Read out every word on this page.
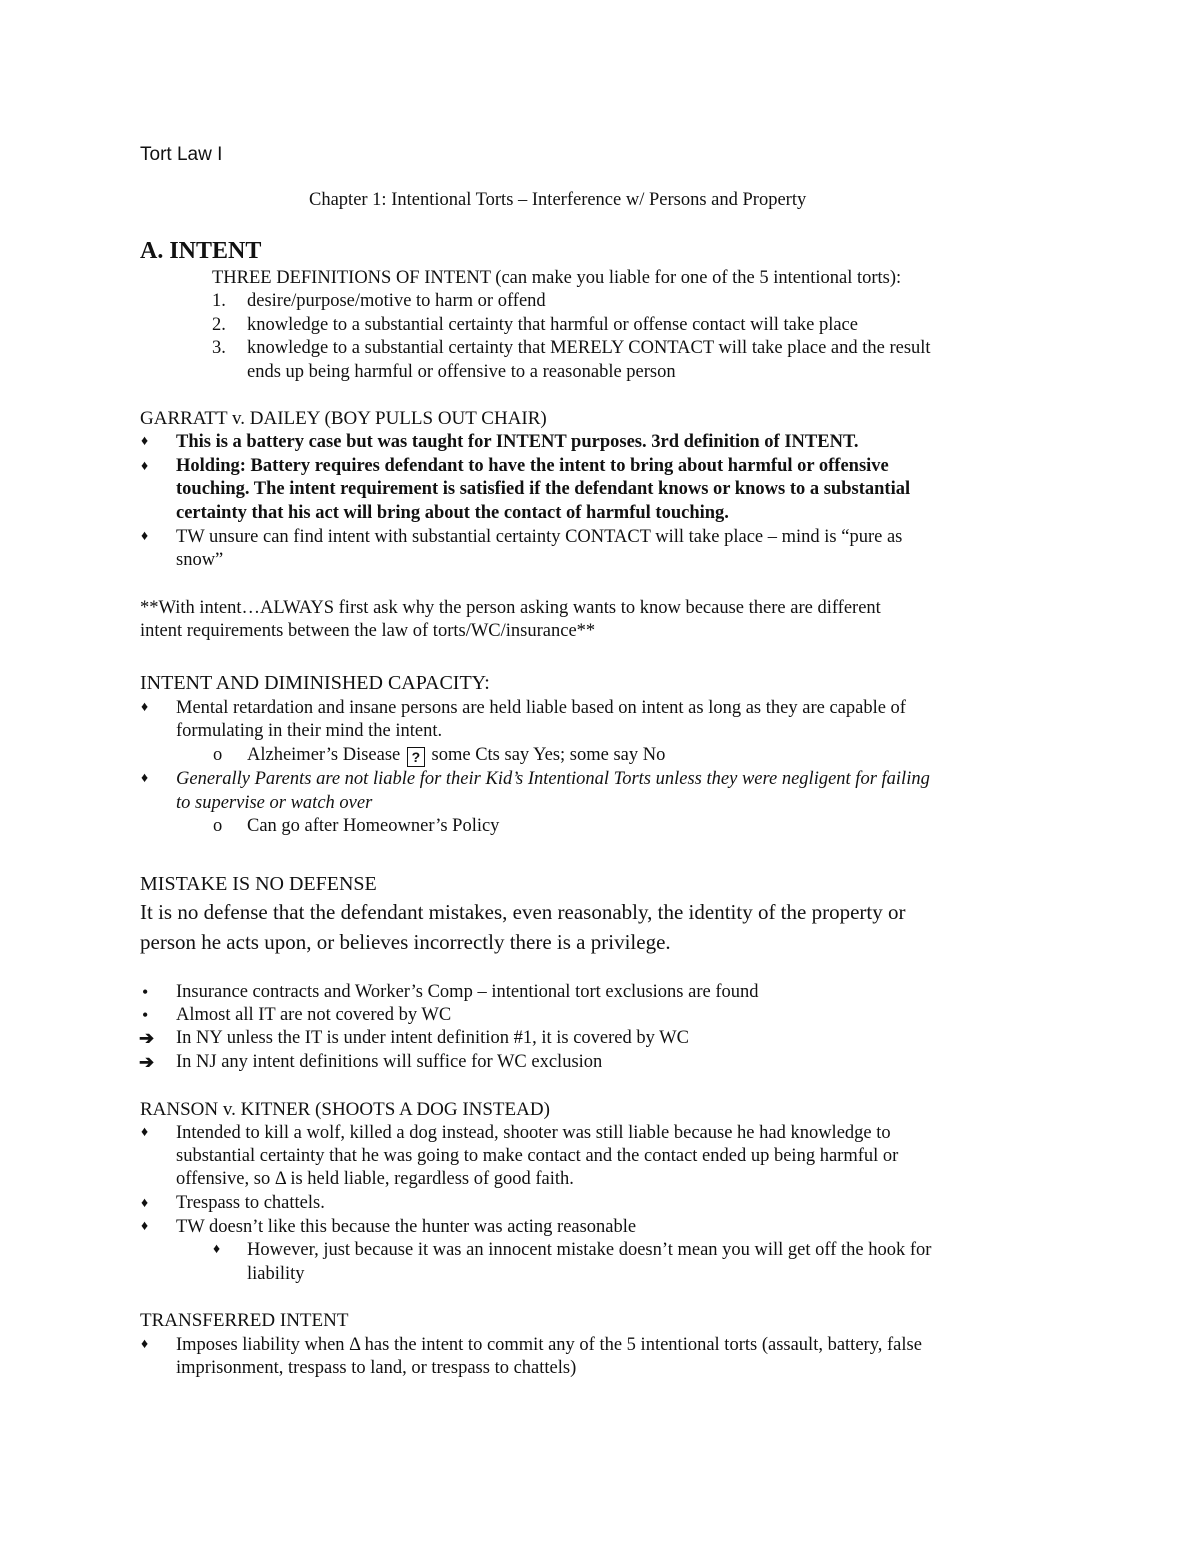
Tort Law I
Chapter 1: Intentional Torts – Interference w/ Persons and Property
A. INTENT
THREE DEFINITIONS OF INTENT (can make you liable for one of the 5 intentional torts):
1. desire/purpose/motive to harm or offend
2. knowledge to a substantial certainty that harmful or offense contact will take place
3. knowledge to a substantial certainty that MERELY CONTACT will take place and the result
ends up being harmful or offensive to a reasonable person
GARRATT v. DAILEY (BOY PULLS OUT CHAIR)
♦ This is a battery case but was taught for INTENT purposes. 3rd definition of INTENT.
♦ Holding: Battery requires defendant to have the intent to bring about harmful or offensive
touching. The intent requirement is satisfied if the defendant knows or knows to a substantial
certainty that his act will bring about the contact of harmful touching.
♦ TW unsure can find intent with substantial certainty CONTACT will take place – mind is “pure as
snow”
**With intent…ALWAYS first ask why the person asking wants to know because there are different
intent requirements between the law of torts/WC/insurance**
INTENT AND DIMINISHED CAPACITY:
♦ Mental retardation and insane persons are held liable based on intent as long as they are capable of
formulating in their mind the intent.
o Alzheimer’s Disease ? some Cts say Yes; some say No
♦ Generally Parents are not liable for their Kid’s Intentional Torts unless they were negligent for failing
to supervise or watch over
o Can go after Homeowner’s Policy
MISTAKE IS NO DEFENSE
It is no defense that the defendant mistakes, even reasonably, the identity of the property or
person he acts upon, or believes incorrectly there is a privilege.
• Insurance contracts and Worker’s Comp – intentional tort exclusions are found
• Almost all IT are not covered by WC
➔ In NY unless the IT is under intent definition #1, it is covered by WC
➔ In NJ any intent definitions will suffice for WC exclusion
RANSON v. KITNER (SHOOTS A DOG INSTEAD)
♦ Intended to kill a wolf, killed a dog instead, shooter was still liable because he had knowledge to
substantial certainty that he was going to make contact and the contact ended up being harmful or
offensive, so Δ is held liable, regardless of good faith.
♦ Trespass to chattels.
♦ TW doesn’t like this because the hunter was acting reasonable
♦ However, just because it was an innocent mistake doesn’t mean you will get off the hook for
liability
TRANSFERRED INTENT
♦ Imposes liability when Δ has the intent to commit any of the 5 intentional torts (assault, battery, false
imprisonment, trespass to land, or trespass to chattels)
